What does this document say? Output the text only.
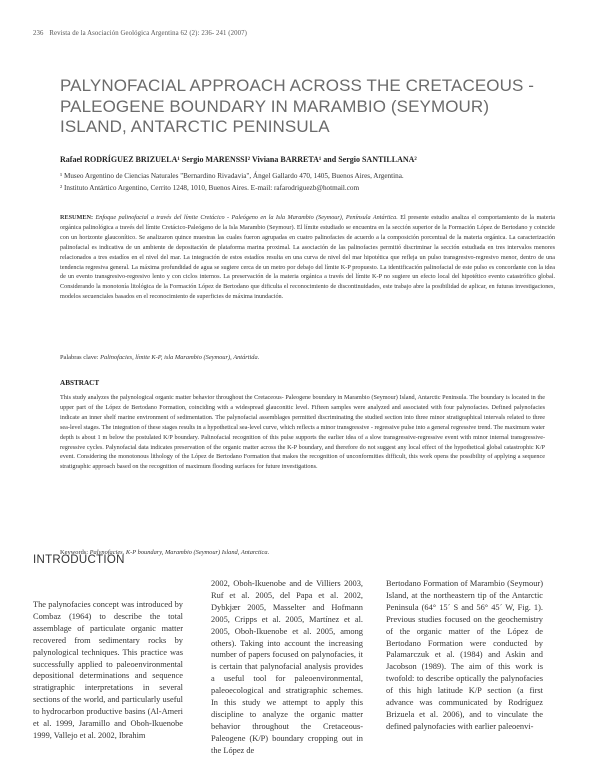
236 Revista de la Asociación Geológica Argentina 62 (2): 236- 241 (2007)
PALYNOFACIAL APPROACH ACROSS THE CRETACEOUS - PALEOGENE BOUNDARY IN MARAMBIO (SEYMOUR) ISLAND, ANTARCTIC PENINSULA
Rafael RODRÍGUEZ BRIZUELA¹ Sergio MARENSSI² Viviana BARRETA¹ and Sergio SANTILLANA²
¹ Museo Argentino de Ciencias Naturales "Bernardino Rivadavia", Ángel Gallardo 470, 1405, Buenos Aires, Argentina.
² Instituto Antártico Argentino, Cerrito 1248, 1010, Buenos Aires. E-mail: rafarodriguezb@hotmail.com
RESUMEN: Enfoque palinofacial a través del límite Cretácico - Paleógeno en la Isla Marambio (Seymour), Península Antártica. El presente estudio analiza el comportamiento de la materia orgánica palinológica a través del límite Cretácico-Paleógeno de la Isla Marambio (Seymour). El límite estudiado se encuentra en la sección superior de la Formación López de Bertodano y coincide con un horizonte glauconítico. Se analizaron quince muestras las cuales fueron agrupadas en cuatro palinofacies de acuerdo a la composición porcentual de la materia orgánica. La caracterización palinofacial es indicativa de un ambiente de depositación de plataforma marina proximal. La asociación de las palinofacies permitió discriminar la sección estudiada en tres intervalos menores relacionados a tres estadíos en el nivel del mar. La integración de estos estadíos resulta en una curva de nivel del mar hipotética que refleja un pulso transgresivo-regresivo menor, dentro de una tendencia regresiva general. La máxima profundidad de agua se sugiere cerca de un metro por debajo del límite K-P propuesto. La identificación palinofacial de este pulso es concordante con la idea de un evento transgresivo-regresivo lento y con ciclos internos. La preservación de la materia orgánica a través del límite K-P no sugiere un efecto local del hipotético evento catastrófico global. Considerando la monotonía litológica de la Formación López de Bertodano que dificulta el reconocimiento de discontinuidades, este trabajo abre la posibilidad de aplicar, en futuras investigaciones, modelos secuenciales basados en el reconocimiento de superficies de máxima inundación.
Palabras clave: Palinofacies, límite K-P, isla Marambio (Seymour), Antártida.
ABSTRACT
This study analyzes the palynological organic matter behavior throughout the Cretaceous- Paleogene boundary in Marambio (Seymour) Island, Antarctic Peninsula. The boundary is located in the upper part of the López de Bertodano Formation, coinciding with a widespread glauconitic level. Fifteen samples were analyzed and associated with four palynofacies. Defined palynofacies indicate an inner shelf marine environment of sedimentation. The palynofacial assemblages permitted discriminating the studied section into three minor stratigraphical intervals related to three sea-level stages. The integration of these stages results in a hypothetical sea-level curve, which reflects a minor transgressive - regressive pulse into a general regressive trend. The maximum water depth is about 1 m below the postulated K/P boundary. Palinofacial recognition of this pulse supports the earlier idea of a slow transgressive-regressive event with minor internal transgressive-regressive cycles. Palynofacial data indicates preservation of the organic matter across the K-P boundary, and therefore do not suggest any local effect of the hypothetical global catastrophic K/P event. Considering the monotonous lithology of the López de Bertodano Formation that makes the recognition of unconformities difficult, this work opens the possibility of applying a sequence stratigraphic approach based on the recognition of maximum flooding surfaces for future investigations.
Keywords: Palynofacies, K-P boundary, Marambio (Seymour) Island, Antarctica.
INTRODUCTION

The palynofacies concept was introduced by Combaz (1964) to describe the total assemblage of particulate organic matter recovered from sedimentary rocks by palynological techniques. This practice was successfully applied to paleoenvironmental depositional determinations and sequence stratigraphic interpretations in several sections of the world, and particularly useful to hydrocarbon productive basins (Al-Ameri et al. 1999, Jaramillo and Oboh-Ikuenobe 1999, Vallejo et al. 2002, Ibrahim

2002, Oboh-Ikuenobe and de Villiers 2003, Ruf et al. 2005, del Papa et al. 2002, Dybkjær 2005, Masselter and Hofmann 2005, Cripps et al. 2005, Martínez et al. 2005, Oboh-Ikuenobe et al. 2005, among others). Taking into account the increasing number of papers focused on palynofacies, it is certain that palynofacial analysis provides a useful tool for paleoenvironmental, paleoecological and stratigraphic schemes. In this study we attempt to apply this discipline to analyze the organic matter behavior throughout the Cretaceous-Paleogene (K/P) boundary cropping out in the López de

Bertodano Formation of Marambio (Seymour) Island, at the northeastern tip of the Antarctic Peninsula (64° 15´ S and 56° 45´ W, Fig. 1). Previous studies focused on the geochemistry of the organic matter of the López de Bertodano Formation were conducted by Palamarczuk et al. (1984) and Askin and Jacobson (1989). The aim of this work is twofold: to describe optically the palynofacies of this high latitude K/P section (a first advance was communicated by Rodríguez Brizuela et al. 2006), and to vinculate the defined palynofacies with earlier paleoenvi-
